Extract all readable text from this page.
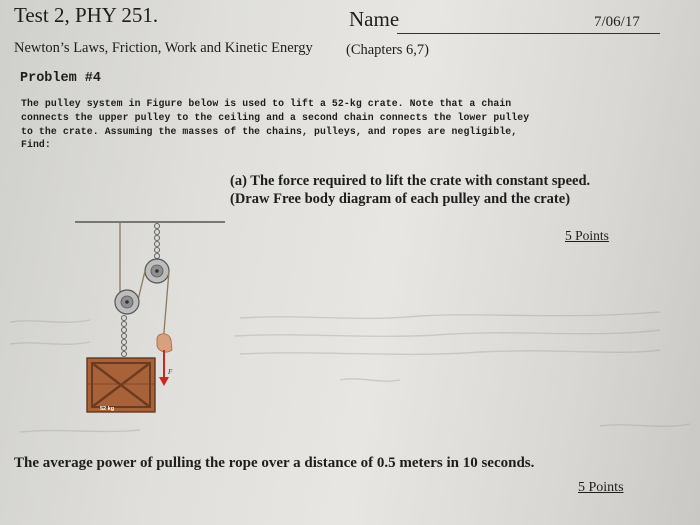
Test 2, PHY 251.	Name	7/06/17
Newton’s Laws, Friction, Work and Kinetic Energy (Chapters 6,7)
Problem #4
The pulley system in Figure below is used to lift a 52-kg crate. Note that a chain
connects the upper pulley to the ceiling and a second chain connects the lower pulley
to the crate. Assuming the masses of the chains, pulleys, and ropes are negligible,
Find:
(a) The force required to lift the crate with constant speed.
(Draw Free body diagram of each pulley and the crate)
5 Points
F
52 kg
The average power of pulling the rope over a distance of 0.5 meters in 10 seconds.
5 Points
